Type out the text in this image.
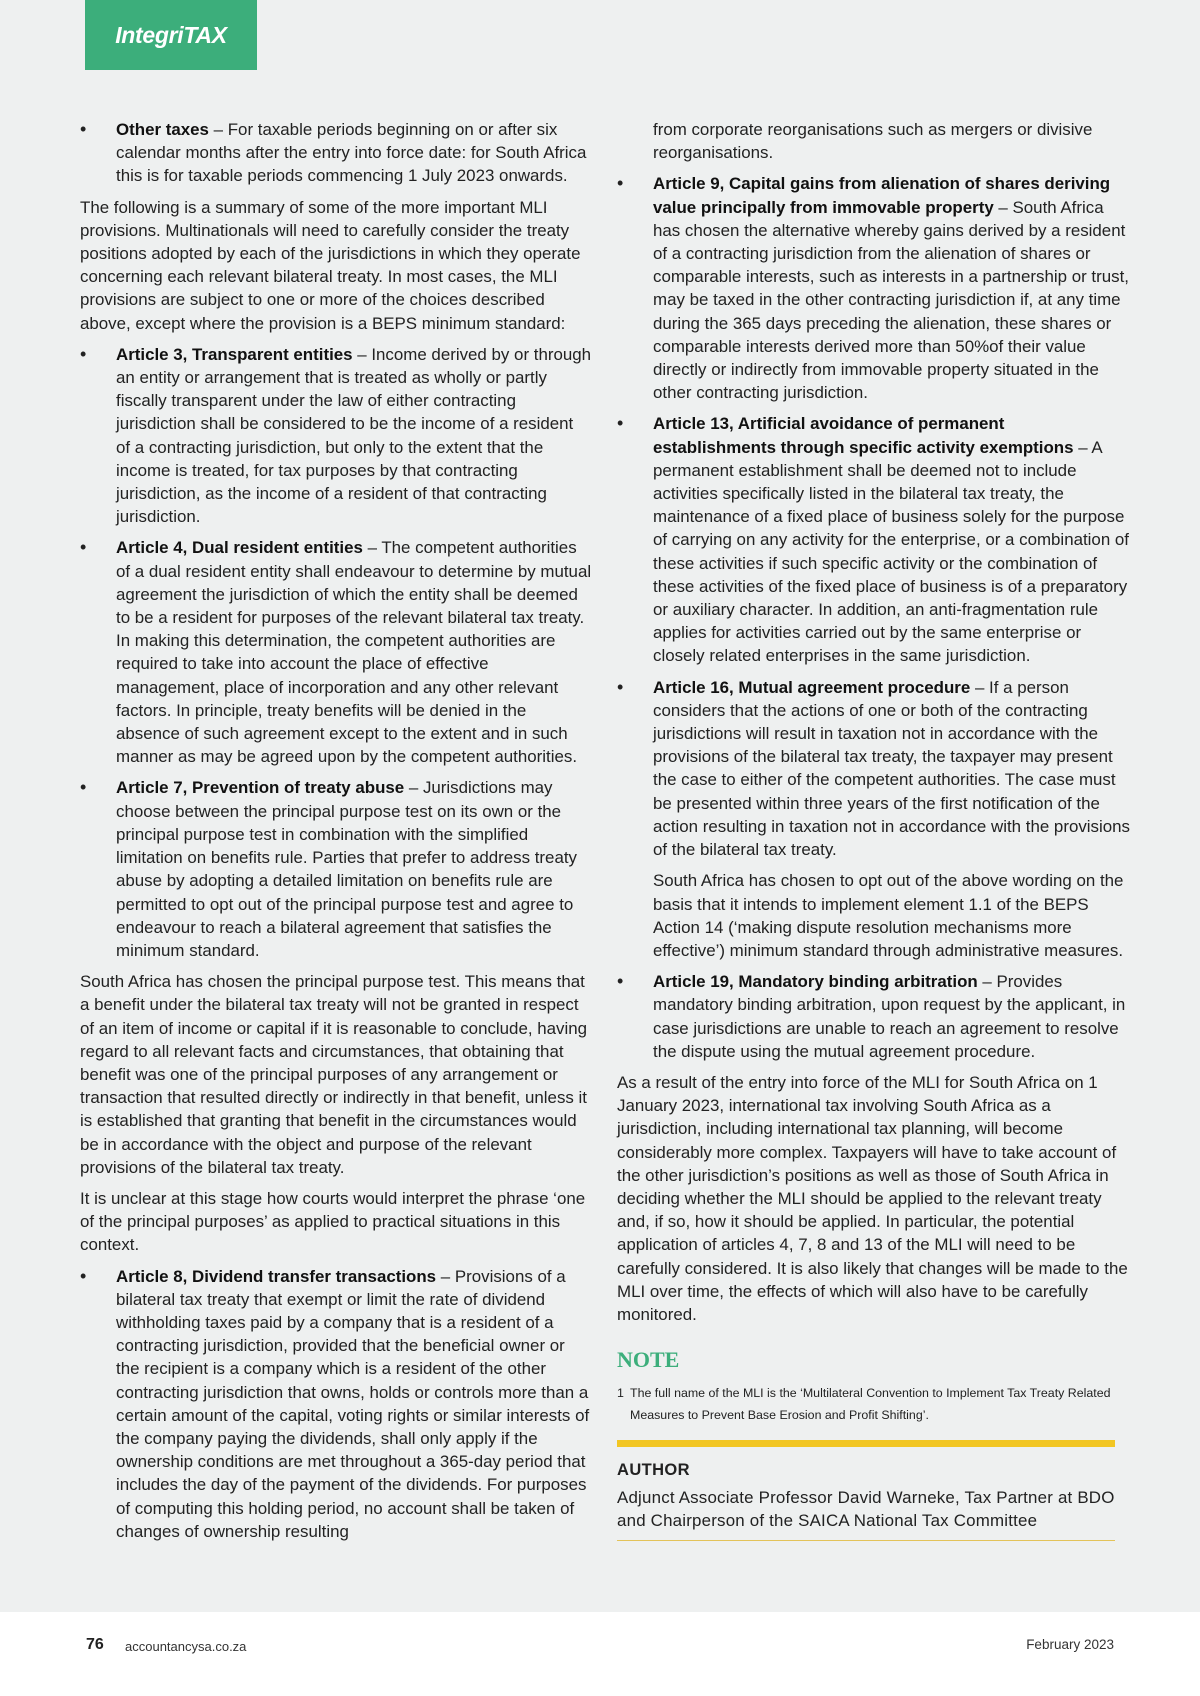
IntegriTAX
• Other taxes – For taxable periods beginning on or after six calendar months after the entry into force date: for South Africa this is for taxable periods commencing 1 July 2023 onwards.

The following is a summary of some of the more important MLI provisions. Multinationals will need to carefully consider the treaty positions adopted by each of the jurisdictions in which they operate concerning each relevant bilateral treaty. In most cases, the MLI provisions are subject to one or more of the choices described above, except where the provision is a BEPS minimum standard:

• Article 3, Transparent entities – Income derived by or through an entity or arrangement that is treated as wholly or partly fiscally transparent under the law of either contracting jurisdiction shall be considered to be the income of a resident of a contracting jurisdiction, but only to the extent that the income is treated, for tax purposes by that contracting jurisdiction, as the income of a resident of that contracting jurisdiction.
• Article 4, Dual resident entities – The competent authorities of a dual resident entity shall endeavour to determine by mutual agreement the jurisdiction of which the entity shall be deemed to be a resident for purposes of the relevant bilateral tax treaty. In making this determination, the competent authorities are required to take into account the place of effective management, place of incorporation and any other relevant factors. In principle, treaty benefits will be denied in the absence of such agreement except to the extent and in such manner as may be agreed upon by the competent authorities.
• Article 7, Prevention of treaty abuse – Jurisdictions may choose between the principal purpose test on its own or the principal purpose test in combination with the simplified limitation on benefits rule. Parties that prefer to address treaty abuse by adopting a detailed limitation on benefits rule are permitted to opt out of the principal purpose test and agree to endeavour to reach a bilateral agreement that satisfies the minimum standard.

South Africa has chosen the principal purpose test. This means that a benefit under the bilateral tax treaty will not be granted in respect of an item of income or capital if it is reasonable to conclude, having regard to all relevant facts and circumstances, that obtaining that benefit was one of the principal purposes of any arrangement or transaction that resulted directly or indirectly in that benefit, unless it is established that granting that benefit in the circumstances would be in accordance with the object and purpose of the relevant provisions of the bilateral tax treaty.

It is unclear at this stage how courts would interpret the phrase ‘one of the principal purposes’ as applied to practical situations in this context.

• Article 8, Dividend transfer transactions – Provisions of a bilateral tax treaty that exempt or limit the rate of dividend withholding taxes paid by a company that is a resident of a contracting jurisdiction, provided that the beneficial owner or the recipient is a company which is a resident of the other contracting jurisdiction that owns, holds or controls more than a certain amount of the capital, voting rights or similar interests of the company paying the dividends, shall only apply if the ownership conditions are met throughout a 365-day period that includes the day of the payment of the dividends. For purposes of computing this holding period, no account shall be taken of changes of ownership resulting

from corporate reorganisations such as mergers or divisive reorganisations.

• Article 9, Capital gains from alienation of shares deriving value principally from immovable property – South Africa has chosen the alternative whereby gains derived by a resident of a contracting jurisdiction from the alienation of shares or comparable interests, such as interests in a partnership or trust, may be taxed in the other contracting jurisdiction if, at any time during the 365 days preceding the alienation, these shares or comparable interests derived more than 50%of their value directly or indirectly from immovable property situated in the other contracting jurisdiction.
• Article 13, Artificial avoidance of permanent establishments through specific activity exemptions – A permanent establishment shall be deemed not to include activities specifically listed in the bilateral tax treaty, the maintenance of a fixed place of business solely for the purpose of carrying on any activity for the enterprise, or a combination of these activities if such specific activity or the combination of these activities of the fixed place of business is of a preparatory or auxiliary character. In addition, an anti-fragmentation rule applies for activities carried out by the same enterprise or closely related enterprises in the same jurisdiction.
• Article 16, Mutual agreement procedure – If a person considers that the actions of one or both of the contracting jurisdictions will result in taxation not in accordance with the provisions of the bilateral tax treaty, the taxpayer may present the case to either of the competent authorities. The case must be presented within three years of the first notification of the action resulting in taxation not in accordance with the provisions of the bilateral tax treaty.
South Africa has chosen to opt out of the above wording on the basis that it intends to implement element 1.1 of the BEPS Action 14 (‘making dispute resolution mechanisms more effective’) minimum standard through administrative measures.
• Article 19, Mandatory binding arbitration – Provides mandatory binding arbitration, upon request by the applicant, in case jurisdictions are unable to reach an agreement to resolve the dispute using the mutual agreement procedure.

As a result of the entry into force of the MLI for South Africa on 1 January 2023, international tax involving South Africa as a jurisdiction, including international tax planning, will become considerably more complex. Taxpayers will have to take account of the other jurisdiction’s positions as well as those of South Africa in deciding whether the MLI should be applied to the relevant treaty and, if so, how it should be applied. In particular, the potential application of articles 4, 7, 8 and 13 of the MLI will need to be carefully considered. It is also likely that changes will be made to the MLI over time, the effects of which will also have to be carefully monitored.

NOTE
1 The full name of the MLI is the ‘Multilateral Convention to Implement Tax Treaty Related Measures to Prevent Base Erosion and Profit Shifting’.
AUTHOR
Adjunct Associate Professor David Warneke, Tax Partner at BDO and Chairperson of the SAICA National Tax Committee
76 accountancysa.co.za	February 2023
